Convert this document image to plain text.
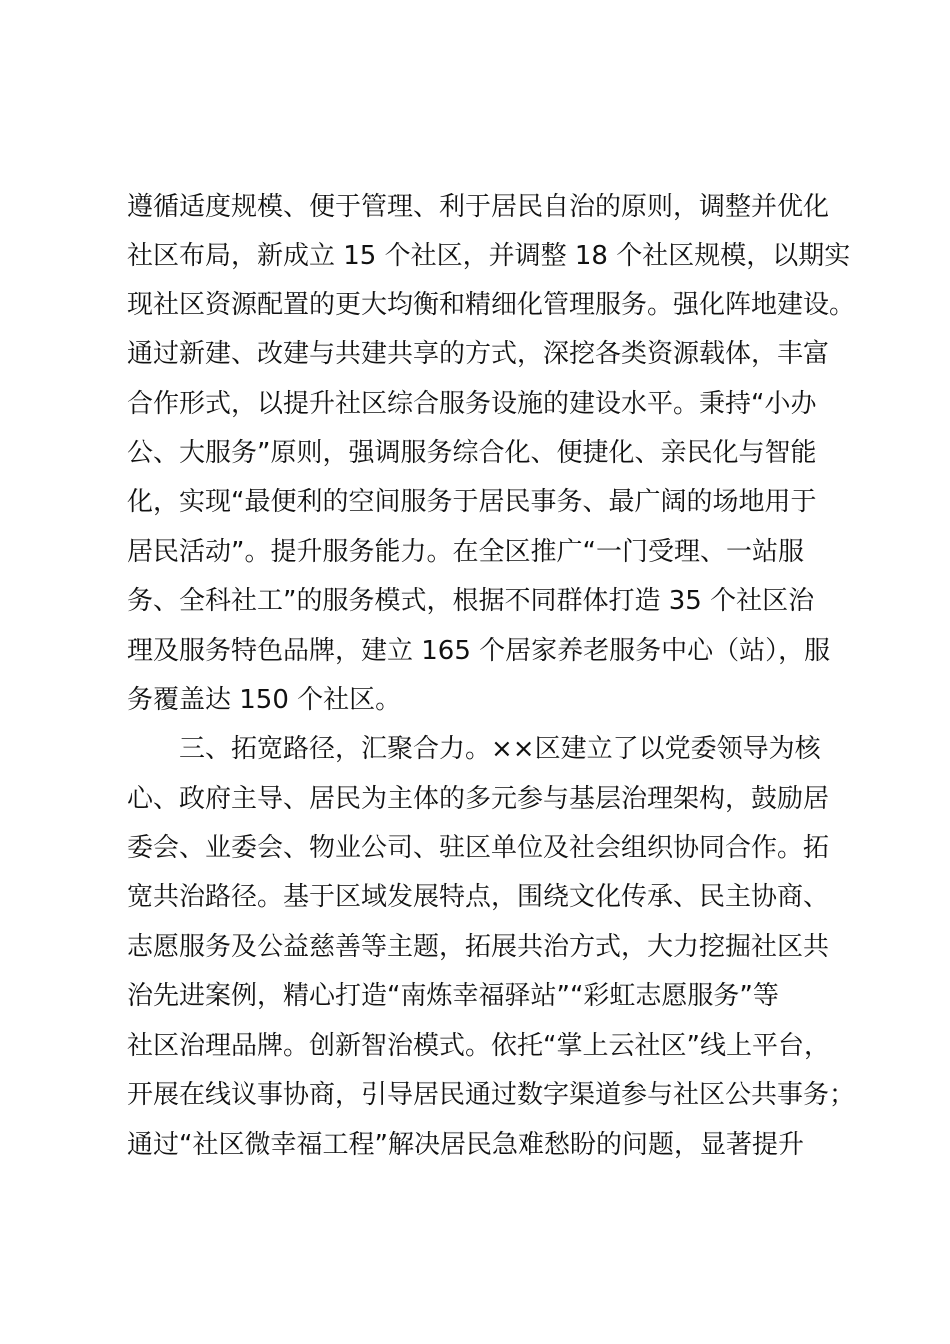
遵循适度规模、便于管理、利于居民自治的原则，调整并优化
社区布局，新成立 15 个社区，并调整 18 个社区规模，以期实
现社区资源配置的更大均衡和精细化管理服务。强化阵地建设。
通过新建、改建与共建共享的方式，深挖各类资源载体，丰富
合作形式，以提升社区综合服务设施的建设水平。秉持“小办
公、大服务”原则，强调服务综合化、便捷化、亲民化与智能
化，实现“最便利的空间服务于居民事务、最广阔的场地用于
居民活动”。提升服务能力。在全区推广“一门受理、一站服
务、全科社工”的服务模式，根据不同群体打造 35 个社区治
理及服务特色品牌，建立 165 个居家养老服务中心（站），服
务覆盖达 150 个社区。
三、拓宽路径，汇聚合力。××区建立了以党委领导为核
心、政府主导、居民为主体的多元参与基层治理架构，鼓励居
委会、业委会、物业公司、驻区单位及社会组织协同合作。拓
宽共治路径。基于区域发展特点，围绕文化传承、民主协商、
志愿服务及公益慈善等主题，拓展共治方式，大力挖掘社区共
治先进案例，精心打造“南炼幸福驿站”“彩虹志愿服务”等
社区治理品牌。创新智治模式。依托“掌上云社区”线上平台，
开展在线议事协商，引导居民通过数字渠道参与社区公共事务；
通过“社区微幸福工程”解决居民急难愁盼的问题，显著提升
